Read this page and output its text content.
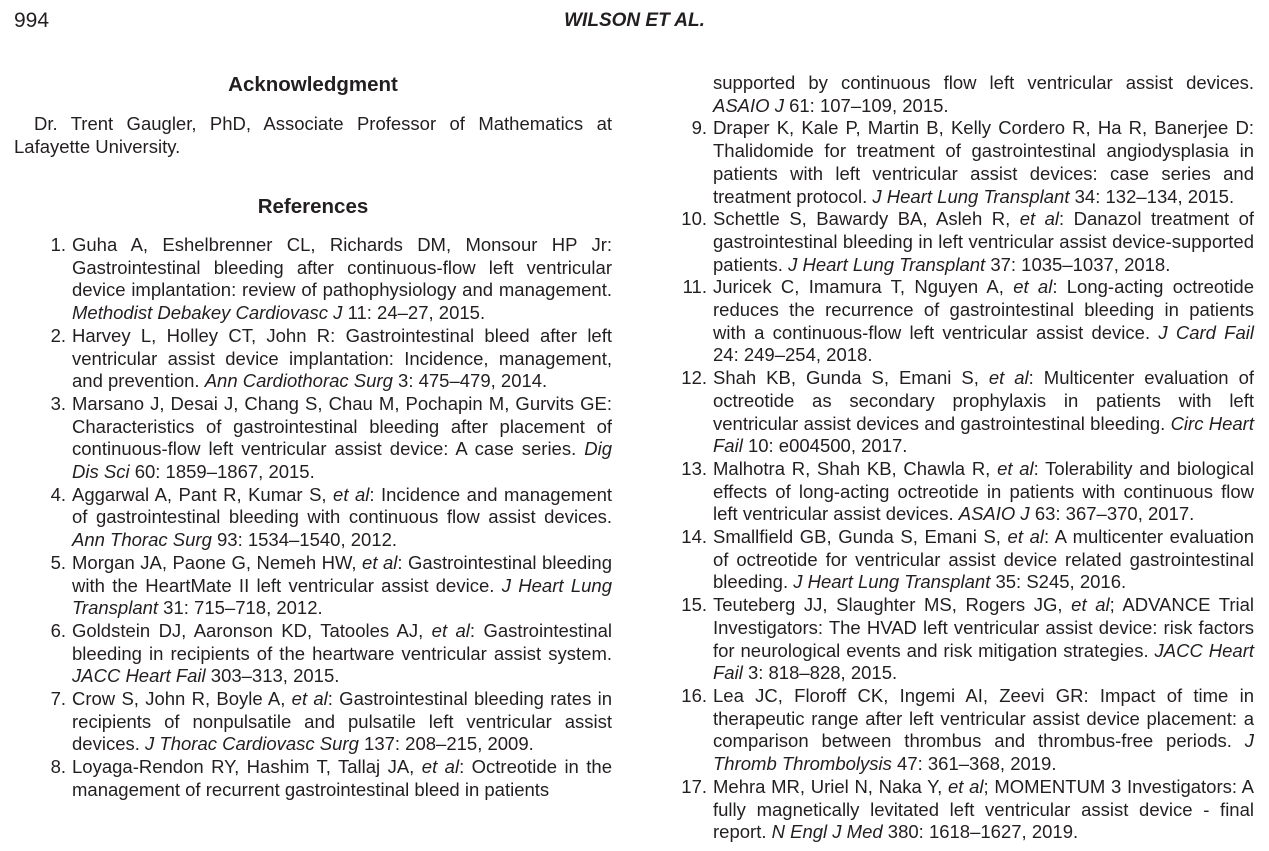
994	WILSON ET AL.
Acknowledgment

Dr. Trent Gaugler, PhD, Associate Professor of Mathematics at Lafayette University.

References
1. Guha A, Eshelbrenner CL, Richards DM, Monsour HP Jr: Gastrointestinal bleeding after continuous-flow left ventricular device implantation: review of pathophysiology and management. Methodist Debakey Cardiovasc J 11: 24–27, 2015.
2. Harvey L, Holley CT, John R: Gastrointestinal bleed after left ventricular assist device implantation: Incidence, management, and prevention. Ann Cardiothorac Surg 3: 475–479, 2014.
3. Marsano J, Desai J, Chang S, Chau M, Pochapin M, Gurvits GE: Characteristics of gastrointestinal bleeding after placement of continuous-flow left ventricular assist device: A case series. Dig Dis Sci 60: 1859–1867, 2015.
4. Aggarwal A, Pant R, Kumar S, et al: Incidence and management of gastrointestinal bleeding with continuous flow assist devices. Ann Thorac Surg 93: 1534–1540, 2012.
5. Morgan JA, Paone G, Nemeh HW, et al: Gastrointestinal bleeding with the HeartMate II left ventricular assist device. J Heart Lung Transplant 31: 715–718, 2012.
6. Goldstein DJ, Aaronson KD, Tatooles AJ, et al: Gastrointestinal bleeding in recipients of the heartware ventricular assist system. JACC Heart Fail 303–313, 2015.
7. Crow S, John R, Boyle A, et al: Gastrointestinal bleeding rates in recipients of nonpulsatile and pulsatile left ventricular assist devices. J Thorac Cardiovasc Surg 137: 208–215, 2009.
8. Loyaga-Rendon RY, Hashim T, Tallaj JA, et al: Octreotide in the management of recurrent gastrointestinal bleed in patients
supported by continuous flow left ventricular assist devices. ASAIO J 61: 107–109, 2015.
9. Draper K, Kale P, Martin B, Kelly Cordero R, Ha R, Banerjee D: Thalidomide for treatment of gastrointestinal angiodysplasia in patients with left ventricular assist devices: case series and treatment protocol. J Heart Lung Transplant 34: 132–134, 2015.
10. Schettle S, Bawardy BA, Asleh R, et al: Danazol treatment of gastrointestinal bleeding in left ventricular assist device-supported patients. J Heart Lung Transplant 37: 1035–1037, 2018.
11. Juricek C, Imamura T, Nguyen A, et al: Long-acting octreotide reduces the recurrence of gastrointestinal bleeding in patients with a continuous-flow left ventricular assist device. J Card Fail 24: 249–254, 2018.
12. Shah KB, Gunda S, Emani S, et al: Multicenter evaluation of octreotide as secondary prophylaxis in patients with left ventricular assist devices and gastrointestinal bleeding. Circ Heart Fail 10: e004500, 2017.
13. Malhotra R, Shah KB, Chawla R, et al: Tolerability and biological effects of long-acting octreotide in patients with continuous flow left ventricular assist devices. ASAIO J 63: 367–370, 2017.
14. Smallfield GB, Gunda S, Emani S, et al: A multicenter evaluation of octreotide for ventricular assist device related gastrointestinal bleeding. J Heart Lung Transplant 35: S245, 2016.
15. Teuteberg JJ, Slaughter MS, Rogers JG, et al; ADVANCE Trial Investigators: The HVAD left ventricular assist device: risk factors for neurological events and risk mitigation strategies. JACC Heart Fail 3: 818–828, 2015.
16. Lea JC, Floroff CK, Ingemi AI, Zeevi GR: Impact of time in therapeutic range after left ventricular assist device placement: a comparison between thrombus and thrombus-free periods. J Thromb Thrombolysis 47: 361–368, 2019.
17. Mehra MR, Uriel N, Naka Y, et al; MOMENTUM 3 Investigators: A fully magnetically levitated left ventricular assist device - final report. N Engl J Med 380: 1618–1627, 2019.
